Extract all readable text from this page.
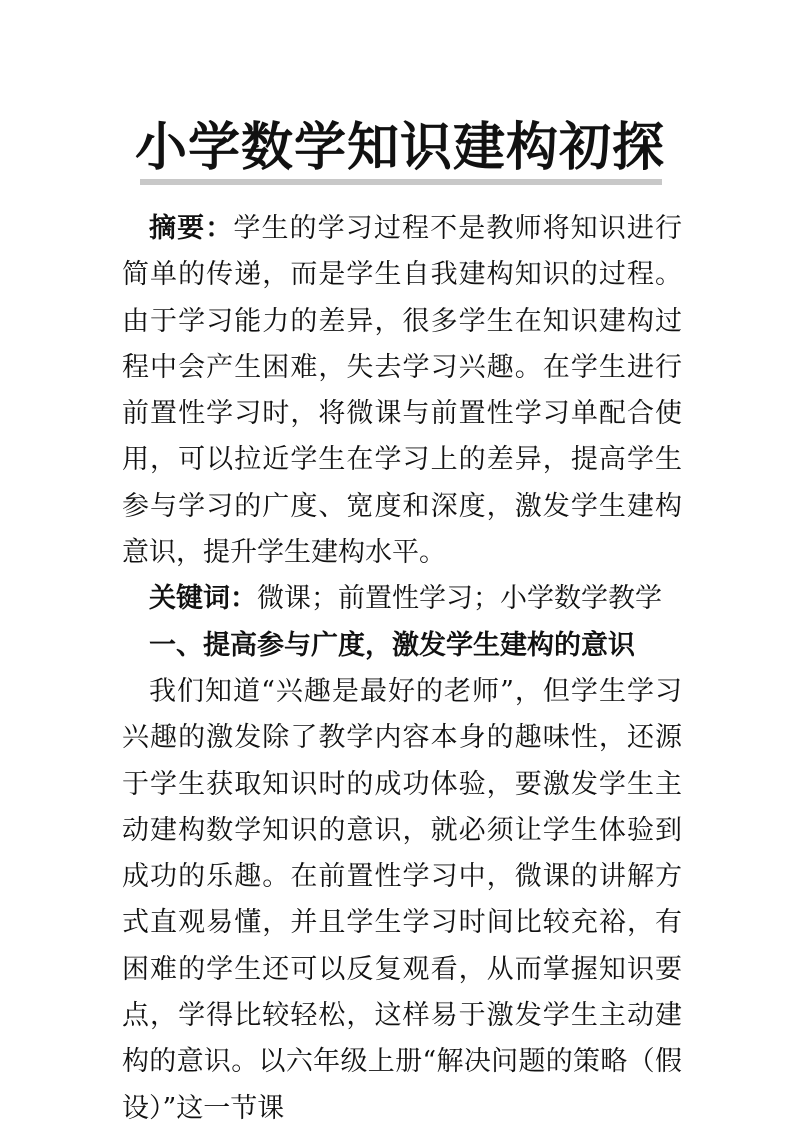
小学数学知识建构初探

摘要：学生的学习过程不是教师将知识进行简单的传递，而是学生自我建构知识的过程。由于学习能力的差异，很多学生在知识建构过程中会产生困难，失去学习兴趣。在学生进行前置性学习时，将微课与前置性学习单配合使用，可以拉近学生在学习上的差异，提高学生参与学习的广度、宽度和深度，激发学生建构意识，提升学生建构水平。

关键词：微课；前置性学习；小学数学教学

一、提高参与广度，激发学生建构的意识

我们知道“兴趣是最好的老师”，但学生学习兴趣的激发除了教学内容本身的趣味性，还源于学生获取知识时的成功体验，要激发学生主动建构数学知识的意识，就必须让学生体验到成功的乐趣。在前置性学习中，微课的讲解方式直观易懂，并且学生学习时间比较充裕，有困难的学生还可以反复观看，从而掌握知识要点，学得比较轻松，这样易于激发学生主动建构的意识。以六年级上册“解决问题的策略（假设）”这一节课
